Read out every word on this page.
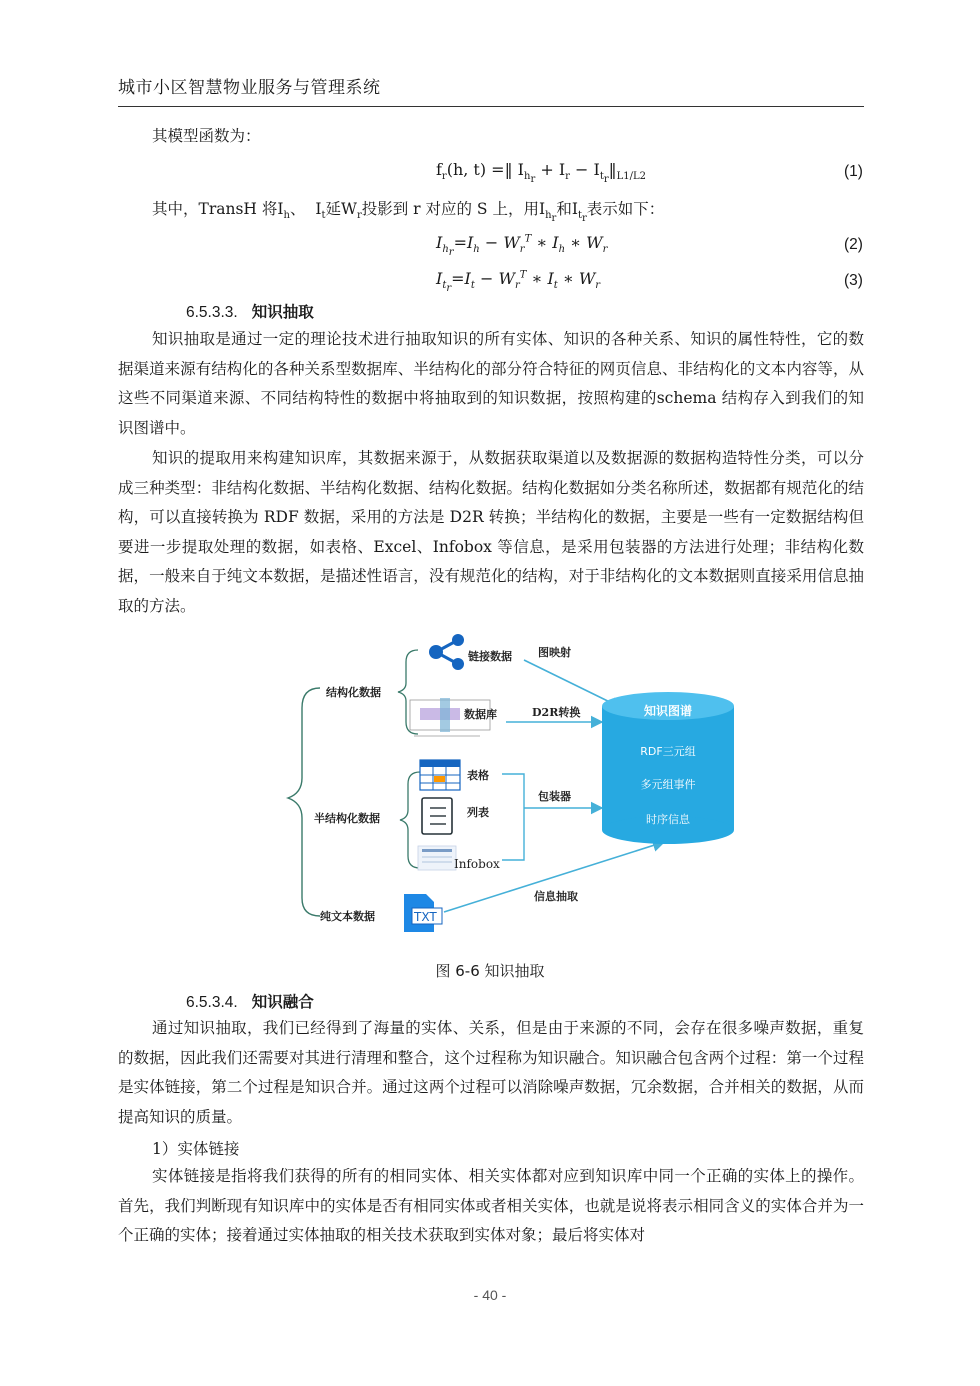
城市小区智慧物业服务与管理系统
其模型函数为：
$f_r(h$, t) =‖ $I_{h_r} + I_r$ − $I_{t_r}‖_{L1/L2}$	(1)
其中，TransH 将$I_h$、  $I_t$延$W_r$投影到 r 对应的 S 上，用$I_{h_r}$和$I_{t_r}$表示如下：
$I_{h_r}=I_h - W_r^T$ ∗ $I_h$ ∗ $W_r$	(2)
$I_{t_r}=I_t - W_r^T$ ∗ $I_t$ ∗ $W_r$	(3)
6.5.3.3. 知识抽取
知识抽取是通过一定的理论技术进行抽取知识的所有实体、知识的各种关系、知识的属性特性，它的数据渠道来源有结构化的各种关系型数据库、半结构化的部分符合特征的网页信息、非结构化的文本内容等，从这些不同渠道来源、不同结构特性的数据中将抽取到的知识数据，按照构建的schema 结构存入到我们的知识图谱中。
知识的提取用来构建知识库，其数据来源于，从数据获取渠道以及数据源的数据构造特性分类，可以分成三种类型：非结构化数据、半结构化数据、结构化数据。结构化数据如分类名称所述，数据都有规范化的结构，可以直接转换为 RDF 数据，采用的方法是 D2R 转换；半结构化的数据，主要是一些有一定数据结构但要进一步提取处理的数据，如表格、Excel、Infobox 等信息，是采用包装器的方法进行处理；非结构化数据，一般来自于纯文本数据，是描述性语言，没有规范化的结构，对于非结构化的文本数据则直接采用信息抽取的方法。
结构化数据
半结构化数据
纯文本数据
链接数据 图映射
数据库	D2R转换
表格
列表
Infobox
包装器
TXT
信息抽取
知识图谱
RDF三元组
多元组事件
时序信息
图 6-6 知识抽取
6.5.3.4. 知识融合
通过知识抽取，我们已经得到了海量的实体、关系，但是由于来源的不同，会存在很多噪声数据，重复的数据，因此我们还需要对其进行清理和整合，这个过程称为知识融合。知识融合包含两个过程：第一个过程是实体链接，第二个过程是知识合并。通过这两个过程可以消除噪声数据，冗余数据，合并相关的数据，从而提高知识的质量。
1）实体链接
实体链接是指将我们获得的所有的相同实体、相关实体都对应到知识库中同一个正确的实体上的操作。首先，我们判断现有知识库中的实体是否有相同实体或者相关实体，也就是说将表示相同含义的实体合并为一个正确的实体；接着通过实体抽取的相关技术获取到实体对象；最后将实体对
- 40 -
